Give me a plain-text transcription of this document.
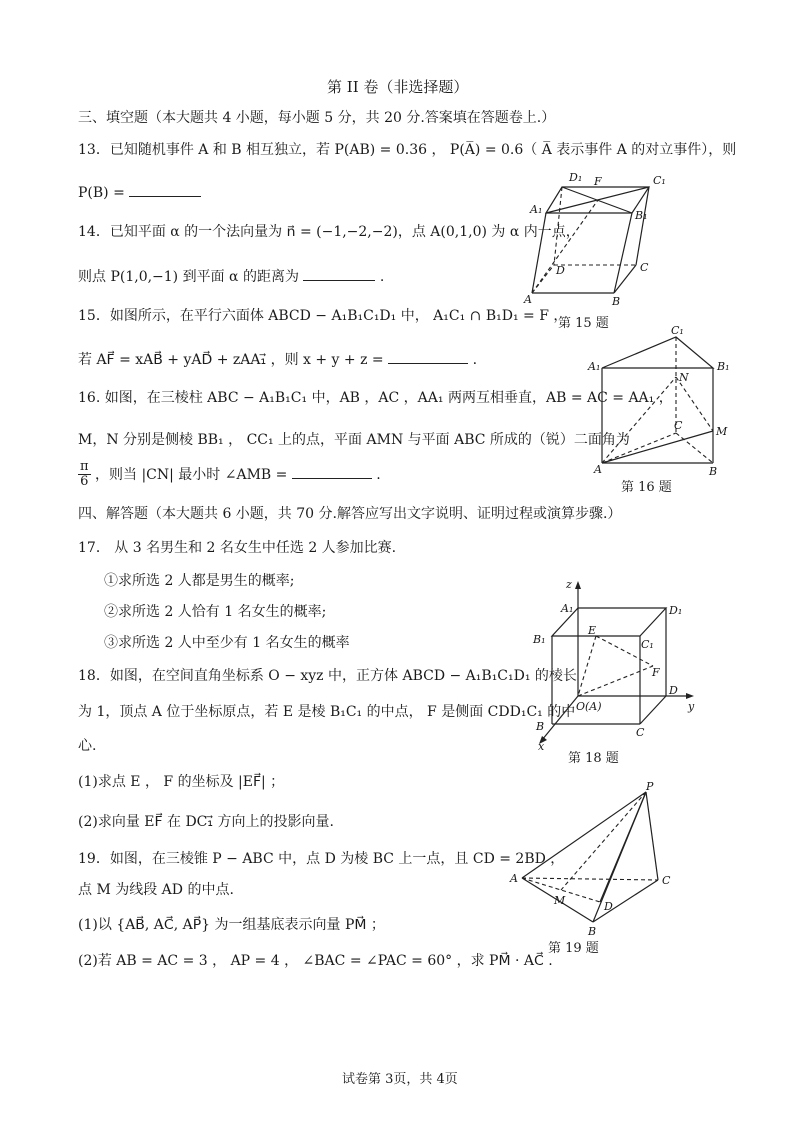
第 II 卷（非选择题）
三、填空题（本大题共 4 小题，每小题 5 分，共 20 分.答案填在答题卷上.）
13．已知随机事件 A 和 B 相互独立，若 P(AB) = 0.36 ， P(A̅) = 0.6（ A̅ 表示事件 A 的对立事件），则
P(B) =
14．已知平面 α 的一个法向量为 n⃗ = (−1,−2,−2)，点 A(0,1,0) 为 α 内一点，
则点 P(1,0,−1) 到平面 α 的距离为	.
15．如图所示，在平行六面体 ABCD − A₁B₁C₁D₁ 中， A₁C₁ ∩ B₁D₁ = F ，
若 AF⃗ = xAB⃗ + yAD⃗ + zAA₁⃗ ，则 x + y + z =	.
16. 如图，在三棱柱 ABC − A₁B₁C₁ 中，AB ，AC ，AA₁ 两两互相垂直，AB = AC = AA₁ ，
M，N 分别是侧棱 BB₁ ， CC₁ 上的点，平面 AMN 与平面 ABC 所成的（锐）二面角为
$\frac{\pi}{6}$ ，则当 |CN| 最小时 ∠AMB =	.
四、解答题（本大题共 6 小题，共 70 分.解答应写出文字说明、证明过程或演算步骤.）
17． 从 3 名男生和 2 名女生中任选 2 人参加比赛.
①求所选 2 人都是男生的概率;
②求所选 2 人恰有 1 名女生的概率;
③求所选 2 人中至少有 1 名女生的概率
18．如图，在空间直角坐标系 O − xyz 中，正方体 ABCD − A₁B₁C₁D₁ 的棱长
为 1，顶点 A 位于坐标原点，若 E 是棱 B₁C₁ 的中点， F 是侧面 CDD₁C₁ 的中
心.
(1)求点 E ， F 的坐标及 |EF⃗| ；
(2)求向量 EF⃗ 在 DC₁⃗ 方向上的投影向量.
19．如图，在三棱锥 P − ABC 中，点 D 为棱 BC 上一点，且 CD = 2BD ，
点 M 为线段 AD 的中点.
(1)以 {AB⃗, AC⃗, AP⃗} 为一组基底表示向量 PM⃗ ；
(2)若 AB = AC = 3 ， AP = 4 ， ∠BAC = ∠PAC = 60° ，求 PM⃗ · AC⃗ .
D₁ F	C₁
A₁	B₁
D	C
A	B
第 15 题	C₁
A₁	B₁
N
C	M
A	B
第 16 题
z
A₁	D₁
B₁
E
C₁
F
D
y
O(A)
B	C
x
第 18 题
P
A	C
M	D
B
第 19 题
试卷第 3页，共 4页
